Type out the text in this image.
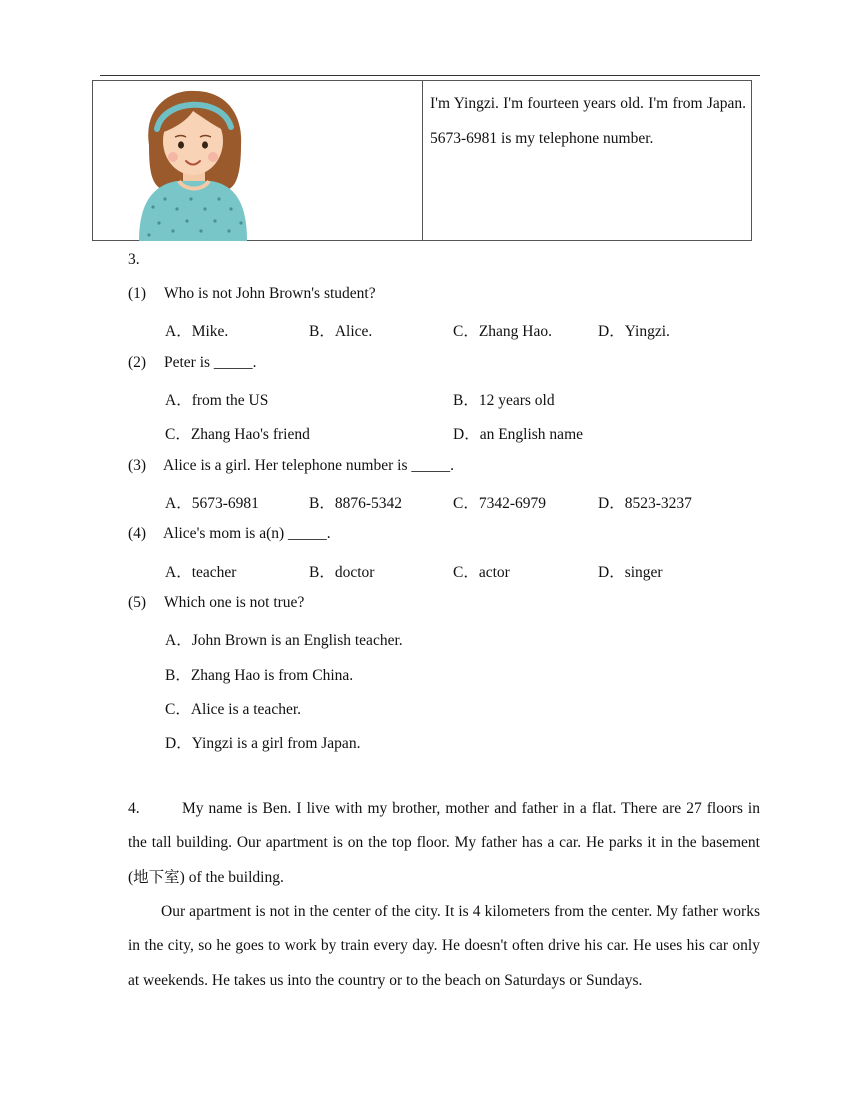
I'm Yingzi. I'm fourteen years old. I'm from Japan. 5673-6981 is my telephone number.
3.
(1) Who is not John Brown's student?
A．Mike.	B．Alice.	C．Zhang Hao.	D．Yingzi.
(2) Peter is _____.
A．from the US	B．12 years old
C．Zhang Hao's friend	D．an English name
(3) Alice is a girl. Her telephone number is _____.
A．5673-6981	B．8876-5342	C．7342-6979	D．8523-3237
(4) Alice's mom is a(n) _____.
A．teacher	B．doctor	C．actor	D．singer
(5) Which one is not true?
A．John Brown is an English teacher.
B．Zhang Hao is from China.
C．Alice is a teacher.
D．Yingzi is a girl from Japan.
4.	My name is Ben. I live with my brother, mother and father in a flat. There are 27 floors in the tall building. Our apartment is on the top floor. My father has a car. He parks it in the basement (地下室) of the building.
Our apartment is not in the center of the city. It is 4 kilometers from the center. My father works in the city, so he goes to work by train every day. He doesn't often drive his car. He uses his car only at weekends. He takes us into the country or to the beach on Saturdays or Sundays.
